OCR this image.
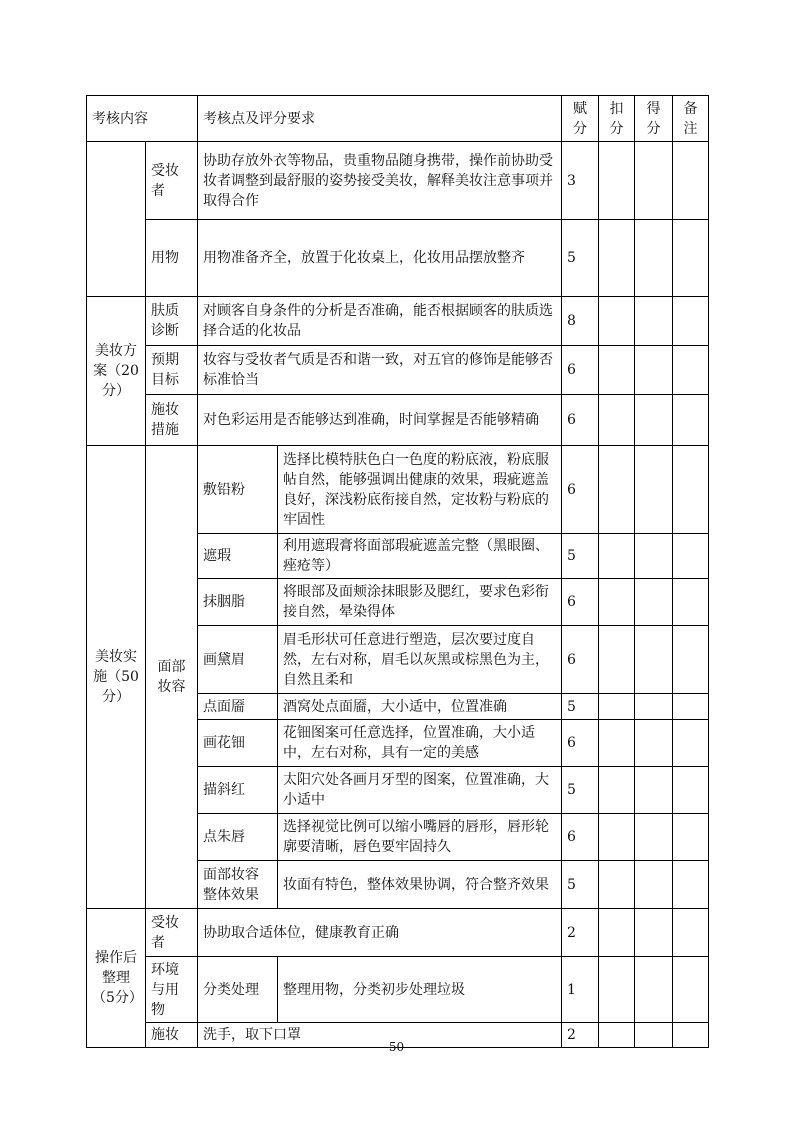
考核内容		考核点及评分要求		赋分	扣分	得分	备注
	受妆者	协助存放外衣等物品，贵重物品随身携带，操作前协助受妆者调整到最舒服的姿势接受美妆，解释美妆注意事项并取得合作		3			
	用物	用物准备齐全，放置于化妆桌上，化妆用品摆放整齐		5			
美妆方案（20分）	肤质诊断	对顾客自身条件的分析是否准确，能否根据顾客的肤质选择合适的化妆品		8			
	预期目标	妆容与受妆者气质是否和谐一致，对五官的修饰是能够否标准恰当		6			
	施妆措施	对色彩运用是否能够达到准确，时间掌握是否能够精确		6			
美妆实施（50分）	面部妆容	敷铅粉	选择比模特肤色白一色度的粉底液，粉底服帖自然，能够强调出健康的效果，瑕疵遮盖良好，深浅粉底衔接自然，定妆粉与粉底的牢固性	6			
		遮瑕	利用遮瑕膏将面部瑕疵遮盖完整（黑眼圈、痤疮等）	5			
		抹胭脂	将眼部及面颊涂抹眼影及腮红，要求色彩衔接自然，晕染得体	6			
		画黛眉	眉毛形状可任意进行塑造，层次要过度自然，左右对称，眉毛以灰黑或棕黑色为主，自然且柔和	6			
		点面靥	酒窝处点面靥，大小适中，位置准确	5			
		画花钿	花钿图案可任意选择，位置准确，大小适中，左右对称，具有一定的美感	6			
		描斜红	太阳穴处各画月牙型的图案，位置准确，大小适中	5			
		点朱唇	选择视觉比例可以缩小嘴唇的唇形，唇形轮廓要清晰，唇色要牢固持久	6			
		面部妆容整体效果	妆面有特色，整体效果协调，符合整齐效果	5			
操作后整理（5分）	受妆者	协助取合适体位，健康教育正确		2			
	环境与用物	分类处理	整理用物，分类初步处理垃圾	1			
	施妆	洗手，取下口罩		2			
50
